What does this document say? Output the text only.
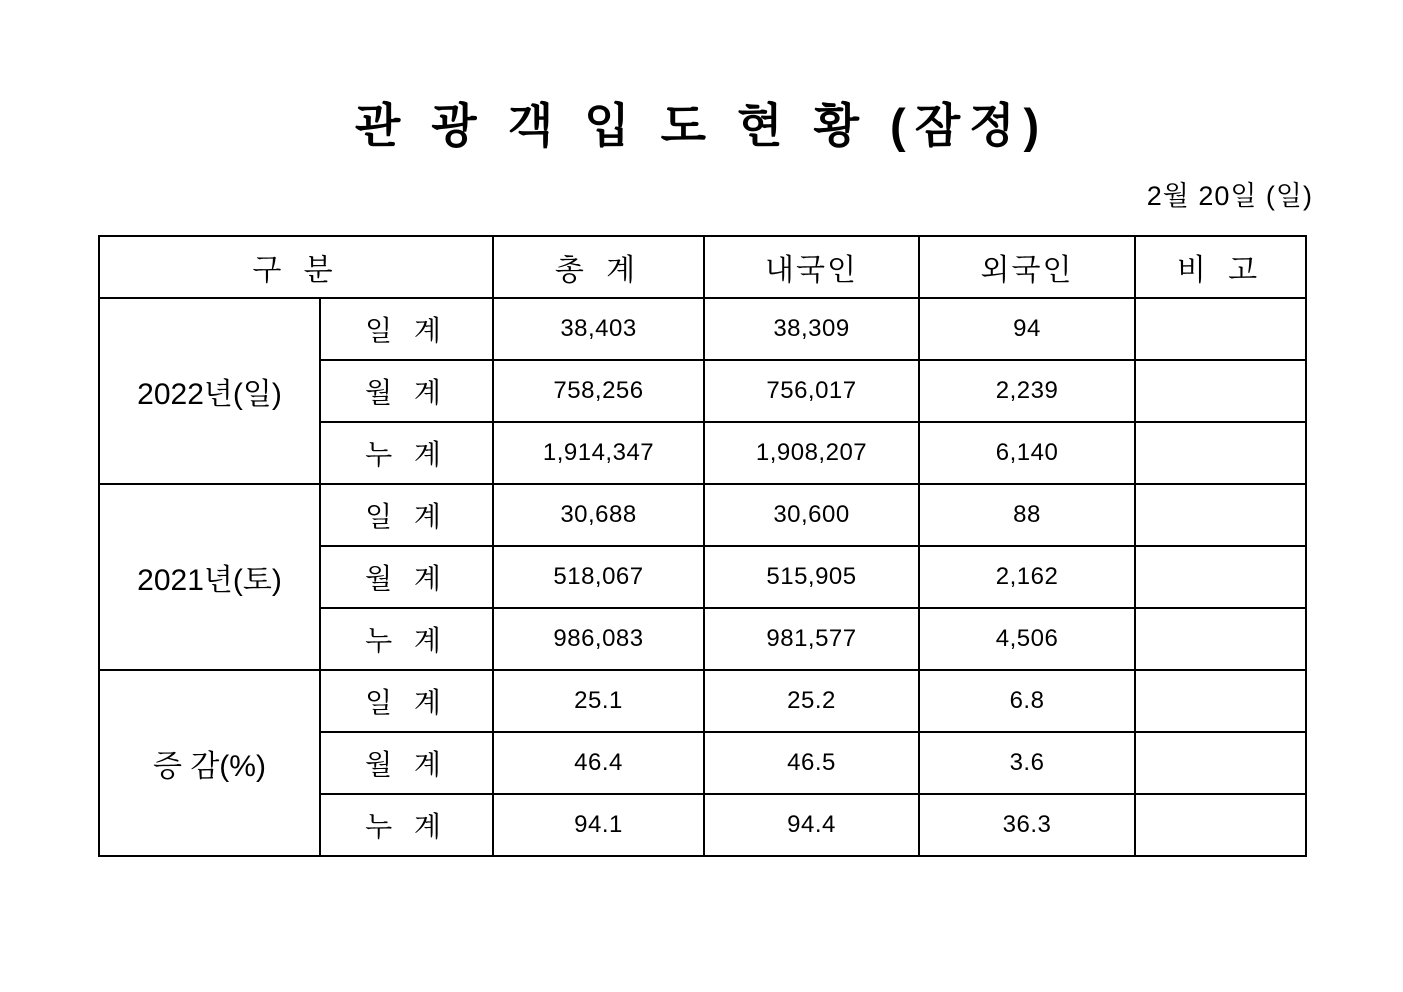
관 광 객 입 도 현 황 (잠정)
2월 20일 (일)
구 분		총 계	내국인	외국인	비 고
2022년(일)	일 계	38,403	38,309	94	
	월 계	758,256	756,017	2,239	
	누 계	1,914,347	1,908,207	6,140	
2021년(토)	일 계	30,688	30,600	88	
	월 계	518,067	515,905	2,162	
	누 계	986,083	981,577	4,506	
증 감(%)	일 계	25.1	25.2	6.8	
	월 계	46.4	46.5	3.6	
	누 계	94.1	94.4	36.3	
